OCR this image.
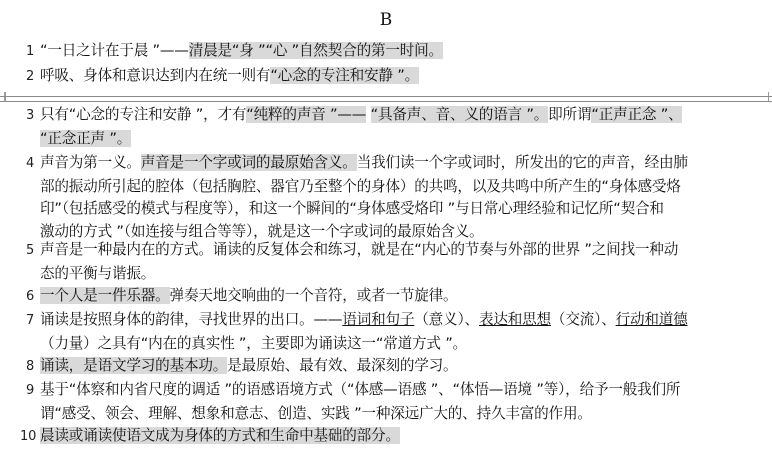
B
1 “一日之计在于晨 ”——清晨是“身 ”“心 ”自然契合的第一时间。
2 呼吸、身体和意识达到内在统一则有“心念的专注和安静 ”。
3 只有“心念的专注和安静 ”，才有“纯粹的声音 ”—— “具备声、音、义的语言 ”。即所谓“正声正念 ”、
“正念正声 ”。
4 声音为第一义。声音是一个字或词的最原始含义。当我们读一个字或词时，所发出的它的声音，经由肺
部的振动所引起的腔体（包括胸腔、器官乃至整个的身体）的共鸣，以及共鸣中所产生的“身体感受烙
印”（包括感受的模式与程度等），和这一个瞬间的“身体感受烙印 ”与日常心理经验和记忆所“契合和
激动的方式 ”（如连接与组合等等），就是这一个字或词的最原始含义。
5 声音是一种最内在的方式。诵读的反复体会和练习，就是在“内心的节奏与外部的世界 ”之间找一种动
态的平衡与谐振。
6 一个人是一件乐器。弹奏天地交响曲的一个音符，或者一节旋律。
7 诵读是按照身体的韵律，寻找世界的出口。——语词和句子（意义）、表达和思想（交流）、行动和道德
（力量）之具有“内在的真实性 ”，主要即为诵读这一“常道方式 ”。
8 诵读，是语文学习的基本功。是最原始、最有效、最深刻的学习。
9 基于“体察和内省尺度的调适 ”的语感语境方式（“体感—语感 ”、“体悟—语境 ”等），给予一般我们所
谓“感受、领会、理解、想象和意志、创造、实践 ”一种深远广大的、持久丰富的作用。
10 晨读或诵读使语文成为身体的方式和生命中基础的部分。
